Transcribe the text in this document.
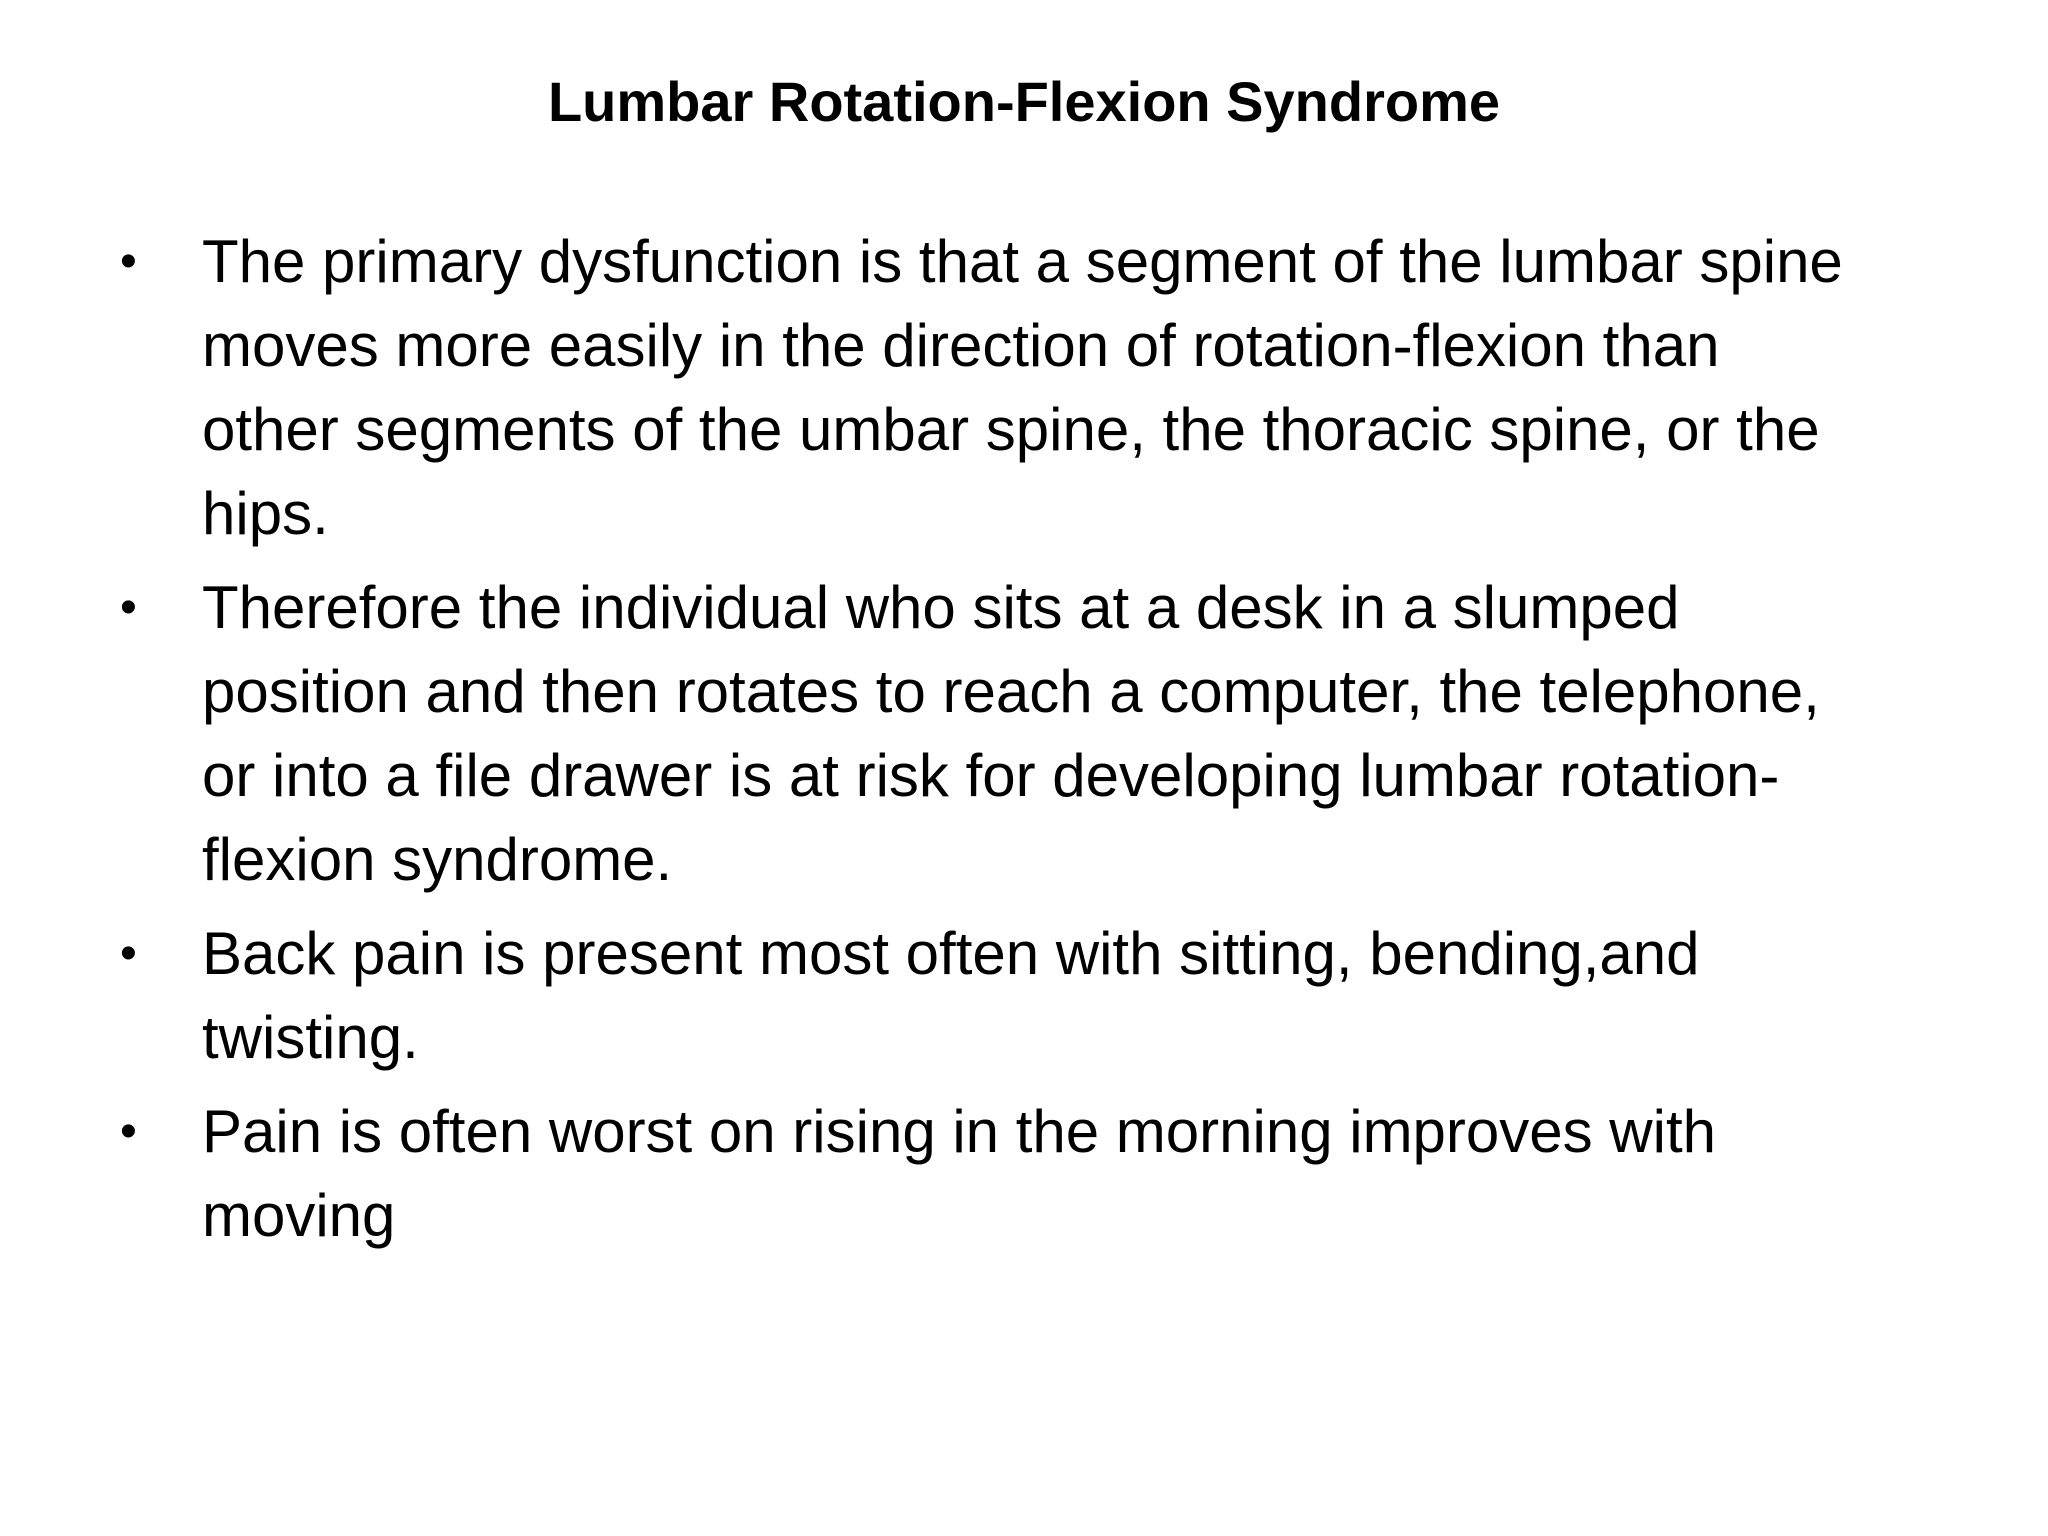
Lumbar Rotation-Flexion Syndrome
•	The primary dysfunction is that a segment of the lumbar spine
moves more easily in the direction of rotation-flexion than
other segments of the umbar spine, the thoracic spine, or the
hips.
•	Therefore the individual who sits at a desk in a slumped
position and then rotates to reach a computer, the telephone,
or into a file drawer is at risk for developing lumbar rotation-
flexion syndrome.
•	Back pain is present most often with sitting, bending,and
twisting.
•	Pain is often worst on rising in the morning improves with
moving
